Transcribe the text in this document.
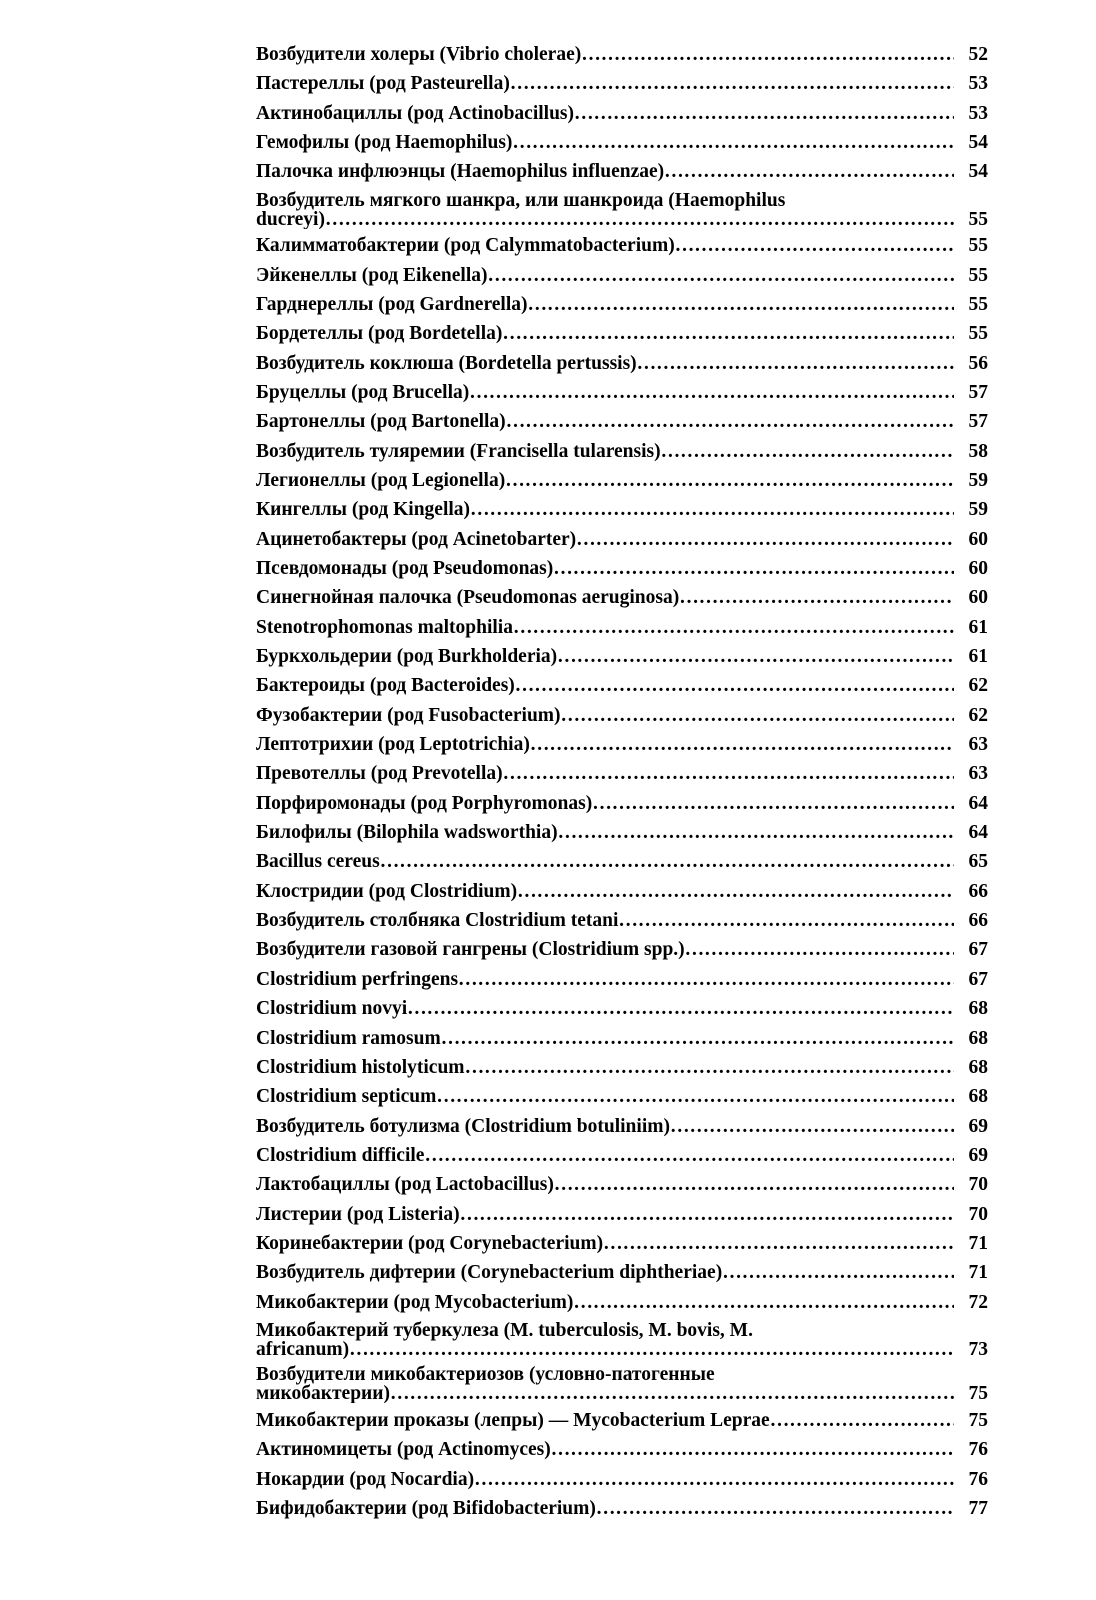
Возбудители холеры (Vibrio cholerae) …………………………………………………………………………………………………………………………………………………………………………………………………………	52
Пастереллы (род Pasteurella) …………………………………………………………………………………………………………………………………………………………………………………………………………	53
Актинобациллы (род Actinobacillus) …………………………………………………………………………………………………………………………………………………………………………………………………………	53
Гемофилы (род Haemophilus) …………………………………………………………………………………………………………………………………………………………………………………………………………	54
Палочка инфлюэнцы (Haemophilus influenzae) …………………………………………………………………………………………………………………………………………………………………………………………………………	54
Возбудитель мягкого шанкра, или шанкроида (Haemophilus ducreyi) …………………………………………………………………………………………………………………………………………………………………………………………………………	55
Калимматобактерии (род Calymmatobacterium) …………………………………………………………………………………………………………………………………………………………………………………………………………	55
Эйкенеллы (род Eikenella) …………………………………………………………………………………………………………………………………………………………………………………………………………	55
Гарднереллы (род Gardnerella) …………………………………………………………………………………………………………………………………………………………………………………………………………	55
Бордетеллы (род Bordetella) …………………………………………………………………………………………………………………………………………………………………………………………………………	55
Возбудитель коклюша (Bordetella pertussis) …………………………………………………………………………………………………………………………………………………………………………………………………………	56
Бруцеллы (род Brucella) …………………………………………………………………………………………………………………………………………………………………………………………………………	57
Бартонеллы (род Bartonella) …………………………………………………………………………………………………………………………………………………………………………………………………………	57
Возбудитель туляремии (Francisella tularensis) …………………………………………………………………………………………………………………………………………………………………………………………………………	58
Легионеллы (род Legionella) …………………………………………………………………………………………………………………………………………………………………………………………………………	59
Кингеллы (род Kingella) …………………………………………………………………………………………………………………………………………………………………………………………………………	59
Ацинетобактеры (род Acinetobarter) …………………………………………………………………………………………………………………………………………………………………………………………………………	60
Псевдомонады (род Pseudomonas) …………………………………………………………………………………………………………………………………………………………………………………………………………	60
Синегнойная палочка (Pseudomonas aeruginosa) …………………………………………………………………………………………………………………………………………………………………………………………………………	60
Stenotrophomonas maltophilia …………………………………………………………………………………………………………………………………………………………………………………………………………	61
Буркхольдерии (род Burkholderia) …………………………………………………………………………………………………………………………………………………………………………………………………………	61
Бактероиды (род Bacteroides) …………………………………………………………………………………………………………………………………………………………………………………………………………	62
Фузобактерии (род Fusobacterium) …………………………………………………………………………………………………………………………………………………………………………………………………………	62
Лептотрихии (род Leptotrichia) …………………………………………………………………………………………………………………………………………………………………………………………………………	63
Превотеллы (род Prevotella) …………………………………………………………………………………………………………………………………………………………………………………………………………	63
Порфиромонады (род Porphyromonas) …………………………………………………………………………………………………………………………………………………………………………………………………………	64
Билофилы (Bilophila wadsworthia) …………………………………………………………………………………………………………………………………………………………………………………………………………	64
Bacillus cereus …………………………………………………………………………………………………………………………………………………………………………………………………………	65
Клостридии (род Clostridium) …………………………………………………………………………………………………………………………………………………………………………………………………………	66
Возбудитель столбняка Clostridium tetani …………………………………………………………………………………………………………………………………………………………………………………………………………	66
Возбудители газовой гангрены (Clostridium spp.) …………………………………………………………………………………………………………………………………………………………………………………………………………	67
Clostridium perfringens …………………………………………………………………………………………………………………………………………………………………………………………………………	67
Clostridium novyi …………………………………………………………………………………………………………………………………………………………………………………………………………	68
Clostridium ramosum …………………………………………………………………………………………………………………………………………………………………………………………………………	68
Clostridium histolyticum …………………………………………………………………………………………………………………………………………………………………………………………………………	68
Clostridium septicum …………………………………………………………………………………………………………………………………………………………………………………………………………	68
Возбудитель ботулизма (Clostridium botuliniim) …………………………………………………………………………………………………………………………………………………………………………………………………………	69
Clostridium difficile …………………………………………………………………………………………………………………………………………………………………………………………………………	69
Лактобациллы (род Lactobacillus) …………………………………………………………………………………………………………………………………………………………………………………………………………	70
Листерии (род Listeria) …………………………………………………………………………………………………………………………………………………………………………………………………………	70
Коринебактерии (род Corynebacterium) …………………………………………………………………………………………………………………………………………………………………………………………………………	71
Возбудитель дифтерии (Corynebacterium diphtheriae) …………………………………………………………………………………………………………………………………………………………………………………………………………	71
Микобактерии (род Mycobacterium) …………………………………………………………………………………………………………………………………………………………………………………………………………	72
Микобактерий туберкулеза (M. tuberculosis, M. bovis, M. africanum) …………………………………………………………………………………………………………………………………………………………………………………………………………	73
Возбудители микобактериозов (условно-патогенные микобактерии) …………………………………………………………………………………………………………………………………………………………………………………………………………	75
Микобактерии проказы (лепры) — Mycobacterium Leprae …………………………………………………………………………………………………………………………………………………………………………………………………………	75
Актиномицеты (род Actinomyces) …………………………………………………………………………………………………………………………………………………………………………………………………………	76
Нокардии (род Nocardia) …………………………………………………………………………………………………………………………………………………………………………………………………………	76
Бифидобактерии (род Bifidobacterium) …………………………………………………………………………………………………………………………………………………………………………………………………………	77
